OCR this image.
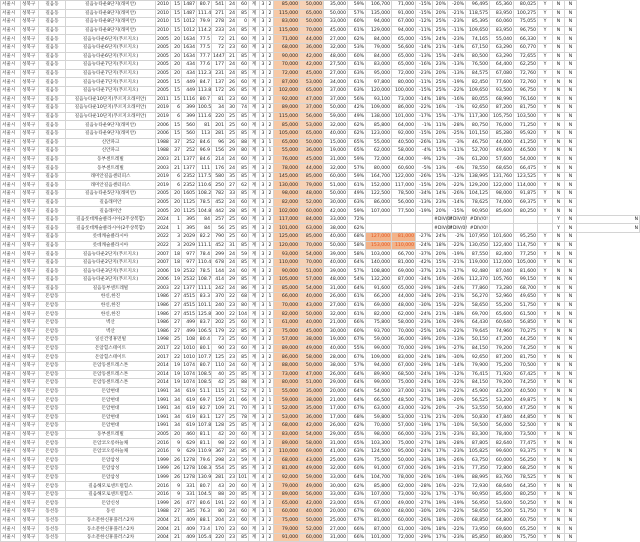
서울시	성북구	길음동	길음뉴타운8단지(래미안)	2010	15	1487	80.7	541	24	60	계	3	2	85,000	50,000	35,000	59%	106,700	71,000	-15%	20%	-20%	96,495	65,360	80,025	Y	N	N	
서울시	성북구	길음동	길음뉴타운8단지(래미안)	2010	15	1487	111.4	271	24	85	계	3	2	115,000	65,000	50,000	57%	135,000	91,000	-15%	20%	-21%	118,575	83,950	100,275	Y	N	N	
서울시	성북구	길음동	길음뉴타운8단지(래미안)	2010	15	1012	79.9	278	24	0	계	3	2	83,000	50,000	33,000	60%	94,000	67,000	-12%	25%	-23%	85,395	60,060	75,055	Y	N	N	
서울시	성북구	길음동	길음뉴타운8단지(래미안)	2010	15	1012	114.2	233	24	85	계	3	2	115,000	70,000	45,000	61%	129,000	94,000	-11%	25%	-11%	109,650	83,950	96,750	Y	N	N	
서울시	성북구	길음동	길음뉴타운6단지(푸르지오)	2005	20	1634	77.5	72	21	60	계	3	2	71,000	44,000	27,000	62%	84,000	65,000	-15%	24%	-23%	74,165	55,040	66,330	Y	N	N	
서울시	성북구	길음동	길음뉴타운6단지(푸르지오)	2005	20	1634	77.5	72	23	60	계	3	2	68,000	36,000	32,000	53%	79,000	56,600	-14%	21%	-14%	67,150	63,290	60,770	Y	N	N	
서울시	성북구	길음동	길음뉴타운6단지(푸르지오)	2005	20	1634	77.7	1447	21	85	계	3	2	90,000	42,000	48,000	60%	84,000	65,000	-13%	15%	-24%	80,500	63,290	72,655	Y	N	N	
서울시	성북구	길음동	길음뉴타운7단지(푸르지오)	2005	20	434	77.6	177	24	60	계	3	2	70,000	42,000	27,500	61%	83,000	65,000	-16%	23%	-13%	76,500	64,400	62,250	Y	N	N	
서울시	성북구	길음동	길음뉴타운7단지(푸르지오)	2005	20	434	112.3	231	24	85	계	3	2	72,000	45,000	27,000	63%	95,000	72,000	-23%	20%	-13%	84,575	67,080	72,760	Y	N	N	
서울시	성북구	길음동	길음뉴타운7단지(푸르지오)	2005	15	449	84.7	137	26	60	계	3	2	87,000	53,000	34,000	61%	97,800	80,000	-11%	25%	-19%	82,450	77,600	72,760	Y	N	N	
서울시	성북구	길음동	길음뉴타운7단지(푸르지오)	2005	15	449	113.8	172	26	85	계	3	2	102,000	65,000	37,000	63%	120,000	100,000	-15%	25%	-22%	109,650	93,500	96,750	Y	N	N	
서울시	성북구	길음동	길음뉴타운10단지(푸르지오래미안)	2011	15	1116	80.7	81	23	60	계	3	2	92,000	47,000	37,000	56%	93,100	73,000	-14%	18%	-16%	80,055	68,990	76,160	Y	N	N	
서울시	성북구	길음동	길음뉴타운10단지(푸르지오래미안)	2019	6	399	100.5	34	30	74	계	3	2	89,000	37,000	50,000	42%	109,000	86,000	-22%	16%	-1%	92,650	87,200	81,750	Y	N	N	
서울시	성북구	길음동	길음뉴타운10단지(푸르지오래미안)	2019	6	399	111.6	220	25	85	계	3	2	115,000	56,000	59,000	49%	138,000	101,000	-17%	15%	-17%	117,300	105,750	103,500	Y	N	N	
서울시	성북구	길음동	길음뉴타운9단지(래미안)	2006	15	560	81	201	25	60	계	3	2	85,000	53,000	32,000	62%	85,800	64,000	-1%	11%	-28%	80,750	76,000	71,250	Y	N	N	
서울시	성북구	길음동	길음뉴타운9단지(래미안)	2006	15	560	113	281	25	85	계	3	2	105,000	65,000	40,000	62%	123,000	92,000	-15%	20%	-25%	101,150	85,280	95,920	Y	N	N	
서울시	성북구	길음동	신안파크	1988	37	252	84.6	96	26	88	계	3	1	65,000	50,000	15,000	65%	55,000	40,500	-26%	13%	-3%	46,750	44,000	41,250	Y	N	N	
서울시	성북구	길음동	신안파크	1988	37	252	96.9	156	29	80	계	3	1	55,000	36,000	19,000	65%	62,000	58,000	-4%	15%	-11%	52,700	49,600	46,500	Y	N	N	
서울시	성북구	길음동	동부센트레빌	2003	21	1377	84.6	214	24	60	계	3	2	76,000	45,000	31,000	59%	72,000	64,000	-9%	12%	-3%	61,200	57,600	54,000	Y	N	N	
서울시	성북구	길음동	동부센트레빌	2003	21	1377	111	176	24	85	계	3	2	78,000	44,000	32,000	57%	80,000	60,600	-5%	13%	-6%	78,550	68,650	66,475	Y	N	N	
서울시	성북구	길음동	래미안길음센터피스	2019	6	2352	117.5	580	35	85	계	3	2	145,000	85,000	60,000	59%	164,700	122,000	-26%	15%	-12%	138,995	131,760	123,525	Y	N	N	
서울시	성북구	길음동	래미안길음센터피스	2019	6	2352	110.6	250	27	62	계	3	2	130,000	79,000	51,000	61%	152,000	117,000	-15%	20%	-22%	129,200	122,000	114,000	Y	N	N	
서울시	성북구	길음동	길음뉴타운5단지(래미안)	2005	20	1605	108.2	782	33	85	계	3	2	98,000	48,000	50,000	49%	122,500	78,500	-34%	14%	-26%	104,125	98,000	91,875	Y	N	N	
서울시	성북구	길음동	길음래미안	2005	20	1125	78.5	452	24	60	계	3	2	82,000	52,000	30,000	63%	86,000	56,000	-13%	23%	-14%	78,625	74,000	69,375	Y	N	N	
서울시	성북구	길음동	길음래미안	2005	20	1125	104.8	442	28	85	계	3	2	102,000	60,000	42,000	59%	107,000	77,500	-19%	20%	-15%	90,950	85,600	80,250	Y	N	N	
서울시	성북구	길음동	길음롯데캐슬클라시아(2주상복합)	2024	1	395	84	257	25	60	계	3	2	117,000	84,000	33,000	72%				#DIV/0!	#DIV/0!	#DIV/0!				Y	N	N
서울시	성북구	길음동	길음롯데캐슬클라시아(2주상복합)	2024	1	395	84	56	25	85	계	3	2	101,000	63,000	38,000	62%				#DIV/0!	#DIV/0!	#DIV/0!				Y	N	N
서울시	성북구	길음동	롯데캐슬클라시아	2022	3	2029	82.2	790	25	60	계	3	2	125,000	85,000	40,000	68%	127,000	81,000	-27%	24%	-2%	107,950	101,600	95,250	Y	N	N	
서울시	성북구	길음동	롯데캐슬클라시아	2022	3	2029	111.1	452	31	85	계	3	2	120,000	70,000	50,000	58%	153,000	110,000	-24%	18%	-22%	130,050	122,400	114,750	Y	N	N	
서울시	성북구	길음동	길음뉴타운2단지(푸르지오)	2007	18	977	78.4	299	24	59	계	3	2	93,000	54,000	39,000	58%	103,000	66,700	-37%	20%	-19%	87,550	82,400	77,250	Y	N	N	
서울시	성북구	길음동	길음뉴타운2단지(푸르지오)	2007	18	977	110.4	678	24	85	계	3	2	110,000	70,000	40,000	64%	140,000	81,000	-42%	15%	-21%	119,000	112,000	105,000	Y	N	N	
서울시	성북구	길음동	길음뉴타운3단지(푸르지오)	2006	19	2532	78.5	144	24	60	계	3	2	90,000	51,000	39,000	57%	108,800	69,000	-37%	21%	-17%	92,480	87,040	81,600	Y	N	N	
서울시	성북구	길음동	길음뉴타운3단지(푸르지오)	2006	19	2532	108.7	414	29	85	계	3	2	105,000	57,000	48,000	54%	132,200	87,000	-34%	16%	-26%	112,370	105,760	99,150	Y	N	N	
서울시	성북구	길음동	길음동부센트레빌	2003	22	1377	111.1	242	24	86	계	3	2	85,000	54,000	31,000	64%	91,600	65,000	-29%	18%	-24%	77,860	73,280	68,700	Y	N	N	
서울시	성북구	돈암동	한신,한진	1986	27	4515	83.3	370	22	68	계	2	1	66,000	40,000	26,000	61%	66,200	44,000	-34%	20%	-21%	56,270	52,960	49,650	Y	N	N	
서울시	성북구	돈암동	한신,한진	1986	27	4515	101.1	240	23	80	계	3	1	70,000	43,000	27,000	61%	69,000	48,000	-30%	15%	-22%	58,650	55,200	51,750	Y	N	N	
서울시	성북구	돈암동	한신,한진	1986	27	4515	125.8	300	22	104	계	3	2	82,000	50,000	32,000	61%	82,000	62,000	-24%	21%	-18%	69,700	65,600	61,500	Y	N	N	
서울시	성북구	돈암동	벽산	1986	27	499	83.7	202	25	60	계	2	1	61,000	40,000	21,000	66%	75,800	58,000	-23%	16%	-29%	64,430	60,640	56,850	Y	N	N	
서울시	성북구	돈암동	벽산	1986	27	499	106.5	179	22	85	계	3	2	75,000	45,000	30,000	60%	93,700	70,000	-25%	16%	-22%	79,645	74,960	70,275	Y	N	N	
서울시	성북구	돈암동	일신건영휴먼빌	1998	25	108	80.4	73	25	60	계	3	2	57,000	38,000	19,000	67%	59,000	36,000	-39%	20%	-13%	50,150	47,200	44,250	Y	N	N	
서울시	성북구	돈암동	돈암힐스테이트	2017	22	1010	80.1	90	23	60	계	3	2	89,000	49,000	40,000	55%	99,000	70,000	-29%	19%	-27%	84,150	79,200	74,250	Y	N	N	
서울시	성북구	돈암동	돈암힐스테이트	2017	22	1010	107.7	125	23	85	계	3	2	86,000	58,000	28,000	67%	109,000	83,000	-24%	18%	-30%	92,650	87,200	81,750	Y	N	N	
서울시	성북구	돈암동	돈암동센트레스톤	2014	19	1074	80.7	110	24	60	계	3	2	88,000	50,000	38,000	57%	94,000	67,000	-29%	14%	-14%	79,900	75,200	70,500	Y	N	N	
서울시	성북구	돈암동	돈암동센트레스톤	2014	19	1074	108.5	40	25	85	계	3	2	73,000	47,000	26,000	64%	89,900	68,500	-24%	19%	-12%	76,415	71,920	67,425	Y	N	N	
서울시	성북구	돈암동	돈암동센트레스톤	2014	19	1074	108.5	42	25	88	계	3	2	80,000	51,000	29,000	64%	99,000	75,000	-24%	16%	-22%	84,150	79,200	74,250	Y	N	N	
서울시	성북구	돈암동	돈암현대	1991	34	619	51.1	115	21	52	계	2	1	55,000	35,000	20,000	64%	54,000	37,000	-31%	19%	-22%	45,900	43,200	40,500	Y	N	N	
서울시	성북구	돈암동	돈암현대	1991	34	619	69.7	159	21	66	계	2	1	59,000	38,000	21,000	64%	66,500	48,500	-27%	18%	-20%	56,525	53,200	49,875	Y	N	N	
서울시	성북구	돈암동	돈암현대	1991	34	619	82.7	109	21	70	계	3	1	52,000	35,000	17,000	67%	63,000	43,000	-32%	20%	-2%	53,550	50,400	47,250	Y	N	N	
서울시	성북구	돈암동	돈암현대	1991	34	619	83.1	127	25	78	계	3	2	53,000	36,000	17,000	68%	59,800	53,000	-11%	21%	-20%	50,830	47,840	44,850	Y	N	N	
서울시	성북구	돈암동	돈암현대	1991	34	619	107.8	128	25	85	계	3	2	68,000	42,000	26,000	62%	70,000	57,000	-19%	17%	-10%	59,500	56,000	52,500	Y	N	N	
서울시	성북구	돈암동	동부센트레빌	2005	20	460	81.1	42	20	60	계	3	2	83,000	54,000	29,000	65%	98,000	66,000	-33%	21%	-23%	83,300	78,400	73,500	Y	N	N	
서울시	성북구	돈암동	돈암코오롱하늘채	2016	9	629	81.1	98	22	60	계	3	2	89,000	58,000	31,000	65%	103,300	75,000	-27%	18%	-28%	87,805	82,640	77,475	Y	N	N	
서울시	성북구	돈암동	돈암코오롱하늘채	2016	9	629	110.9	367	24	85	계	3	2	110,000	69,000	41,000	63%	124,500	95,000	-24%	17%	-23%	105,825	99,600	93,375	Y	N	N	
서울시	성북구	돈암동	돈암삼성	1999	26	1278	79.6	298	23	59	계	3	2	68,000	43,000	25,000	63%	75,000	50,000	-33%	18%	-26%	63,750	60,000	56,250	Y	N	N	
서울시	성북구	돈암동	돈암삼성	1999	26	1278	108.3	554	25	85	계	3	2	81,000	49,000	32,000	60%	91,000	67,000	-26%	19%	-21%	77,350	72,800	68,250	Y	N	N	
서울시	성북구	돈암동	돈암삼성	1999	26	1278	130.9	281	23	101	계	4	2	92,000	59,000	33,000	64%	104,700	78,000	-26%	16%	-19%	88,995	83,760	78,525	Y	N	N	
서울시	성북구	돈암동	길음해모로센트럴힐스	2016	9	331	80.7	43	20	60	계	3	2	79,000	49,000	30,000	62%	85,800	62,000	-28%	16%	-22%	72,930	68,640	64,350	Y	N	N	
서울시	성북구	돈암동	길음해모로센트럴힐스	2016	9	331	104.5	88	20	85	계	3	2	89,000	56,000	33,000	63%	107,000	73,000	-32%	17%	-17%	90,950	85,600	80,250	Y	N	N	
서울시	성북구	돈암동	돈암신성	1999	26	477	80.6	191	22	60	계	3	2	65,000	42,000	23,000	65%	67,000	49,000	-27%	19%	-19%	56,950	53,600	50,250	Y	N	N	
서울시	성북구	동선동	동선	1988	27	345	76.3	80	24	60	계	3	1	60,000	40,000	20,000	67%	69,000	48,000	-30%	20%	-22%	58,650	55,200	51,750	Y	N	N	
서울시	성북구	동선동	동소문한신휴플러스2차	2004	21	409	88.1	204	23	60	계	3	2	75,000	50,000	25,000	67%	81,000	60,000	-26%	18%	-20%	68,850	64,800	60,750	Y	N	N	
서울시	성북구	동선동	동소문한신휴플러스2차	2004	21	409	73.4	170	23	60	계	3	2	79,000	52,000	27,000	66%	87,000	61,000	-30%	18%	-22%	73,950	69,600	65,250	Y	N	N	
서울시	성북구	동선동	동소문한신휴플러스2차	2004	21	409	105.4	220	23	85	계	3	2	91,000	60,000	31,000	66%	101,000	72,000	-29%	17%	-23%	85,850	80,800	75,750	Y	N	N	
